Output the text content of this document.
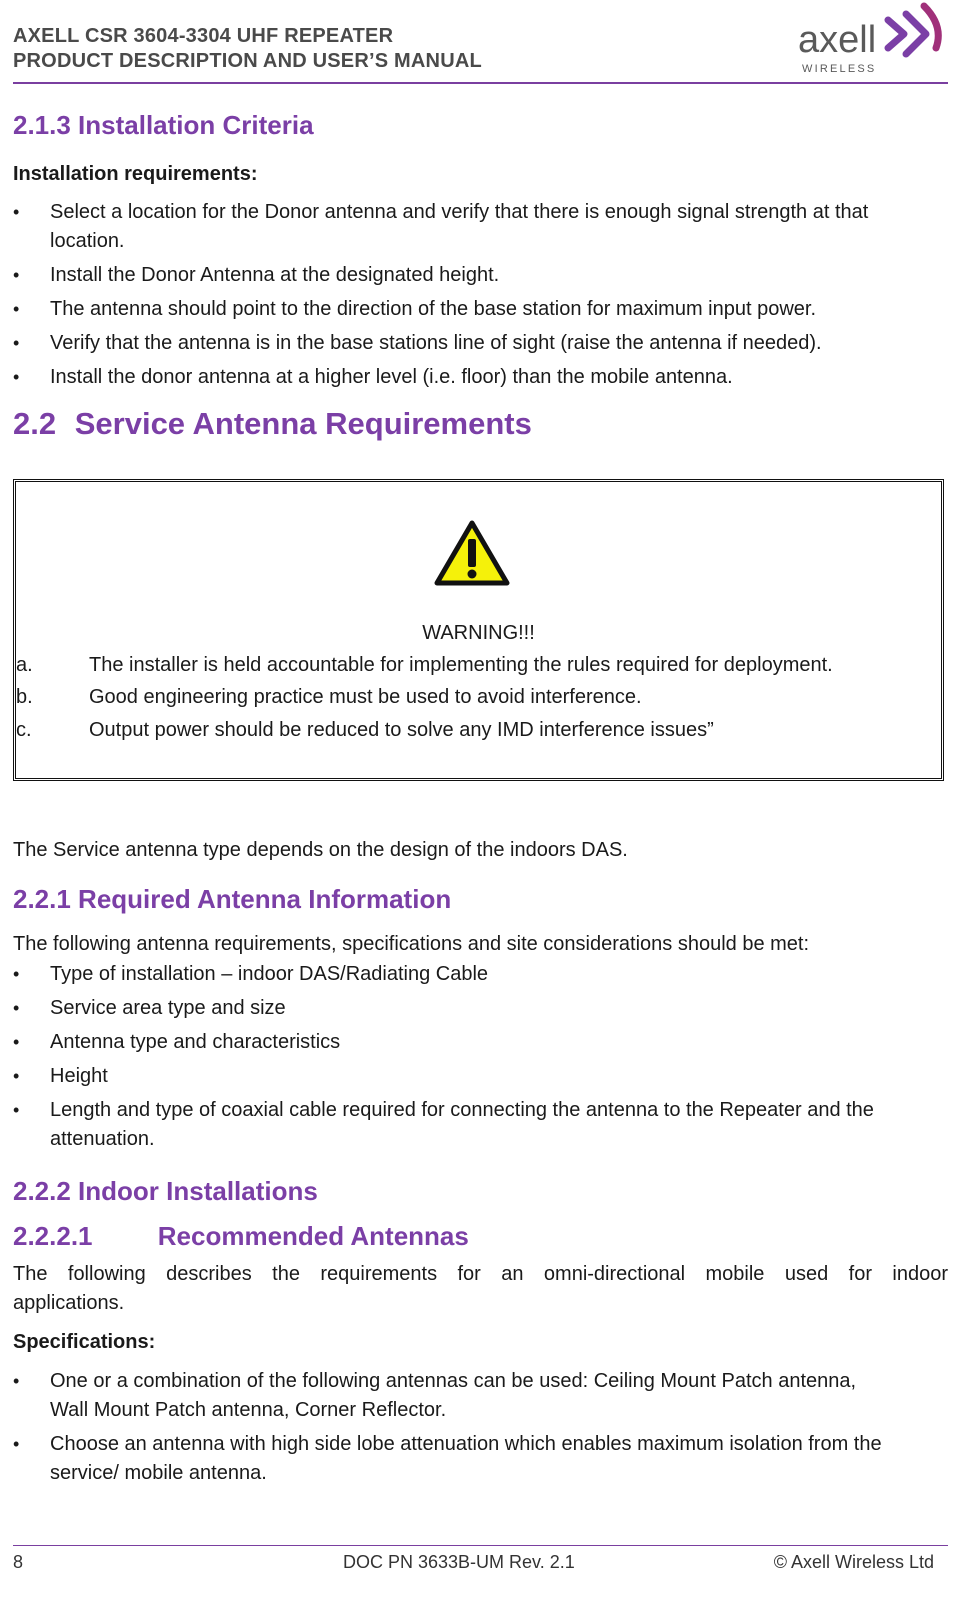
AXELL CSR 3604-3304 UHF REPEATER
PRODUCT DESCRIPTION AND USER’S MANUAL	axell
WIRELESS
2.1.3 Installation Criteria
Installation requirements:
• Select a location for the Donor antenna and verify that there is enough signal strength at that location.
• Install the Donor Antenna at the designated height.
• The antenna should point to the direction of the base station for maximum input power.
• Verify that the antenna is in the base stations line of sight (raise the antenna if needed).
• Install the donor antenna at a higher level (i.e. floor) than the mobile antenna.
2.2 Service Antenna Requirements
WARNING!!!
a.	The installer is held accountable for implementing the rules required for deployment.
b.	Good engineering practice must be used to avoid interference.
c.	Output power should be reduced to solve any IMD interference issues”
The Service antenna type depends on the design of the indoors DAS.
2.2.1 Required Antenna Information
The following antenna requirements, specifications and site considerations should be met:
• Type of installation – indoor DAS/Radiating Cable
• Service area type and size
• Antenna type and characteristics
• Height
• Length and type of coaxial cable required for connecting the antenna to the Repeater and the attenuation.
2.2.2 Indoor Installations
2.2.2.1	Recommended Antennas
The following describes the requirements for an omni-directional mobile used for indoor applications.
Specifications:
• One or a combination of the following antennas can be used: Ceiling Mount Patch antenna, Wall Mount Patch antenna, Corner Reflector.
• Choose an antenna with high side lobe attenuation which enables maximum isolation from the service/ mobile antenna.
8	DOC PN 3633B-UM Rev. 2.1	© Axell Wireless Ltd
